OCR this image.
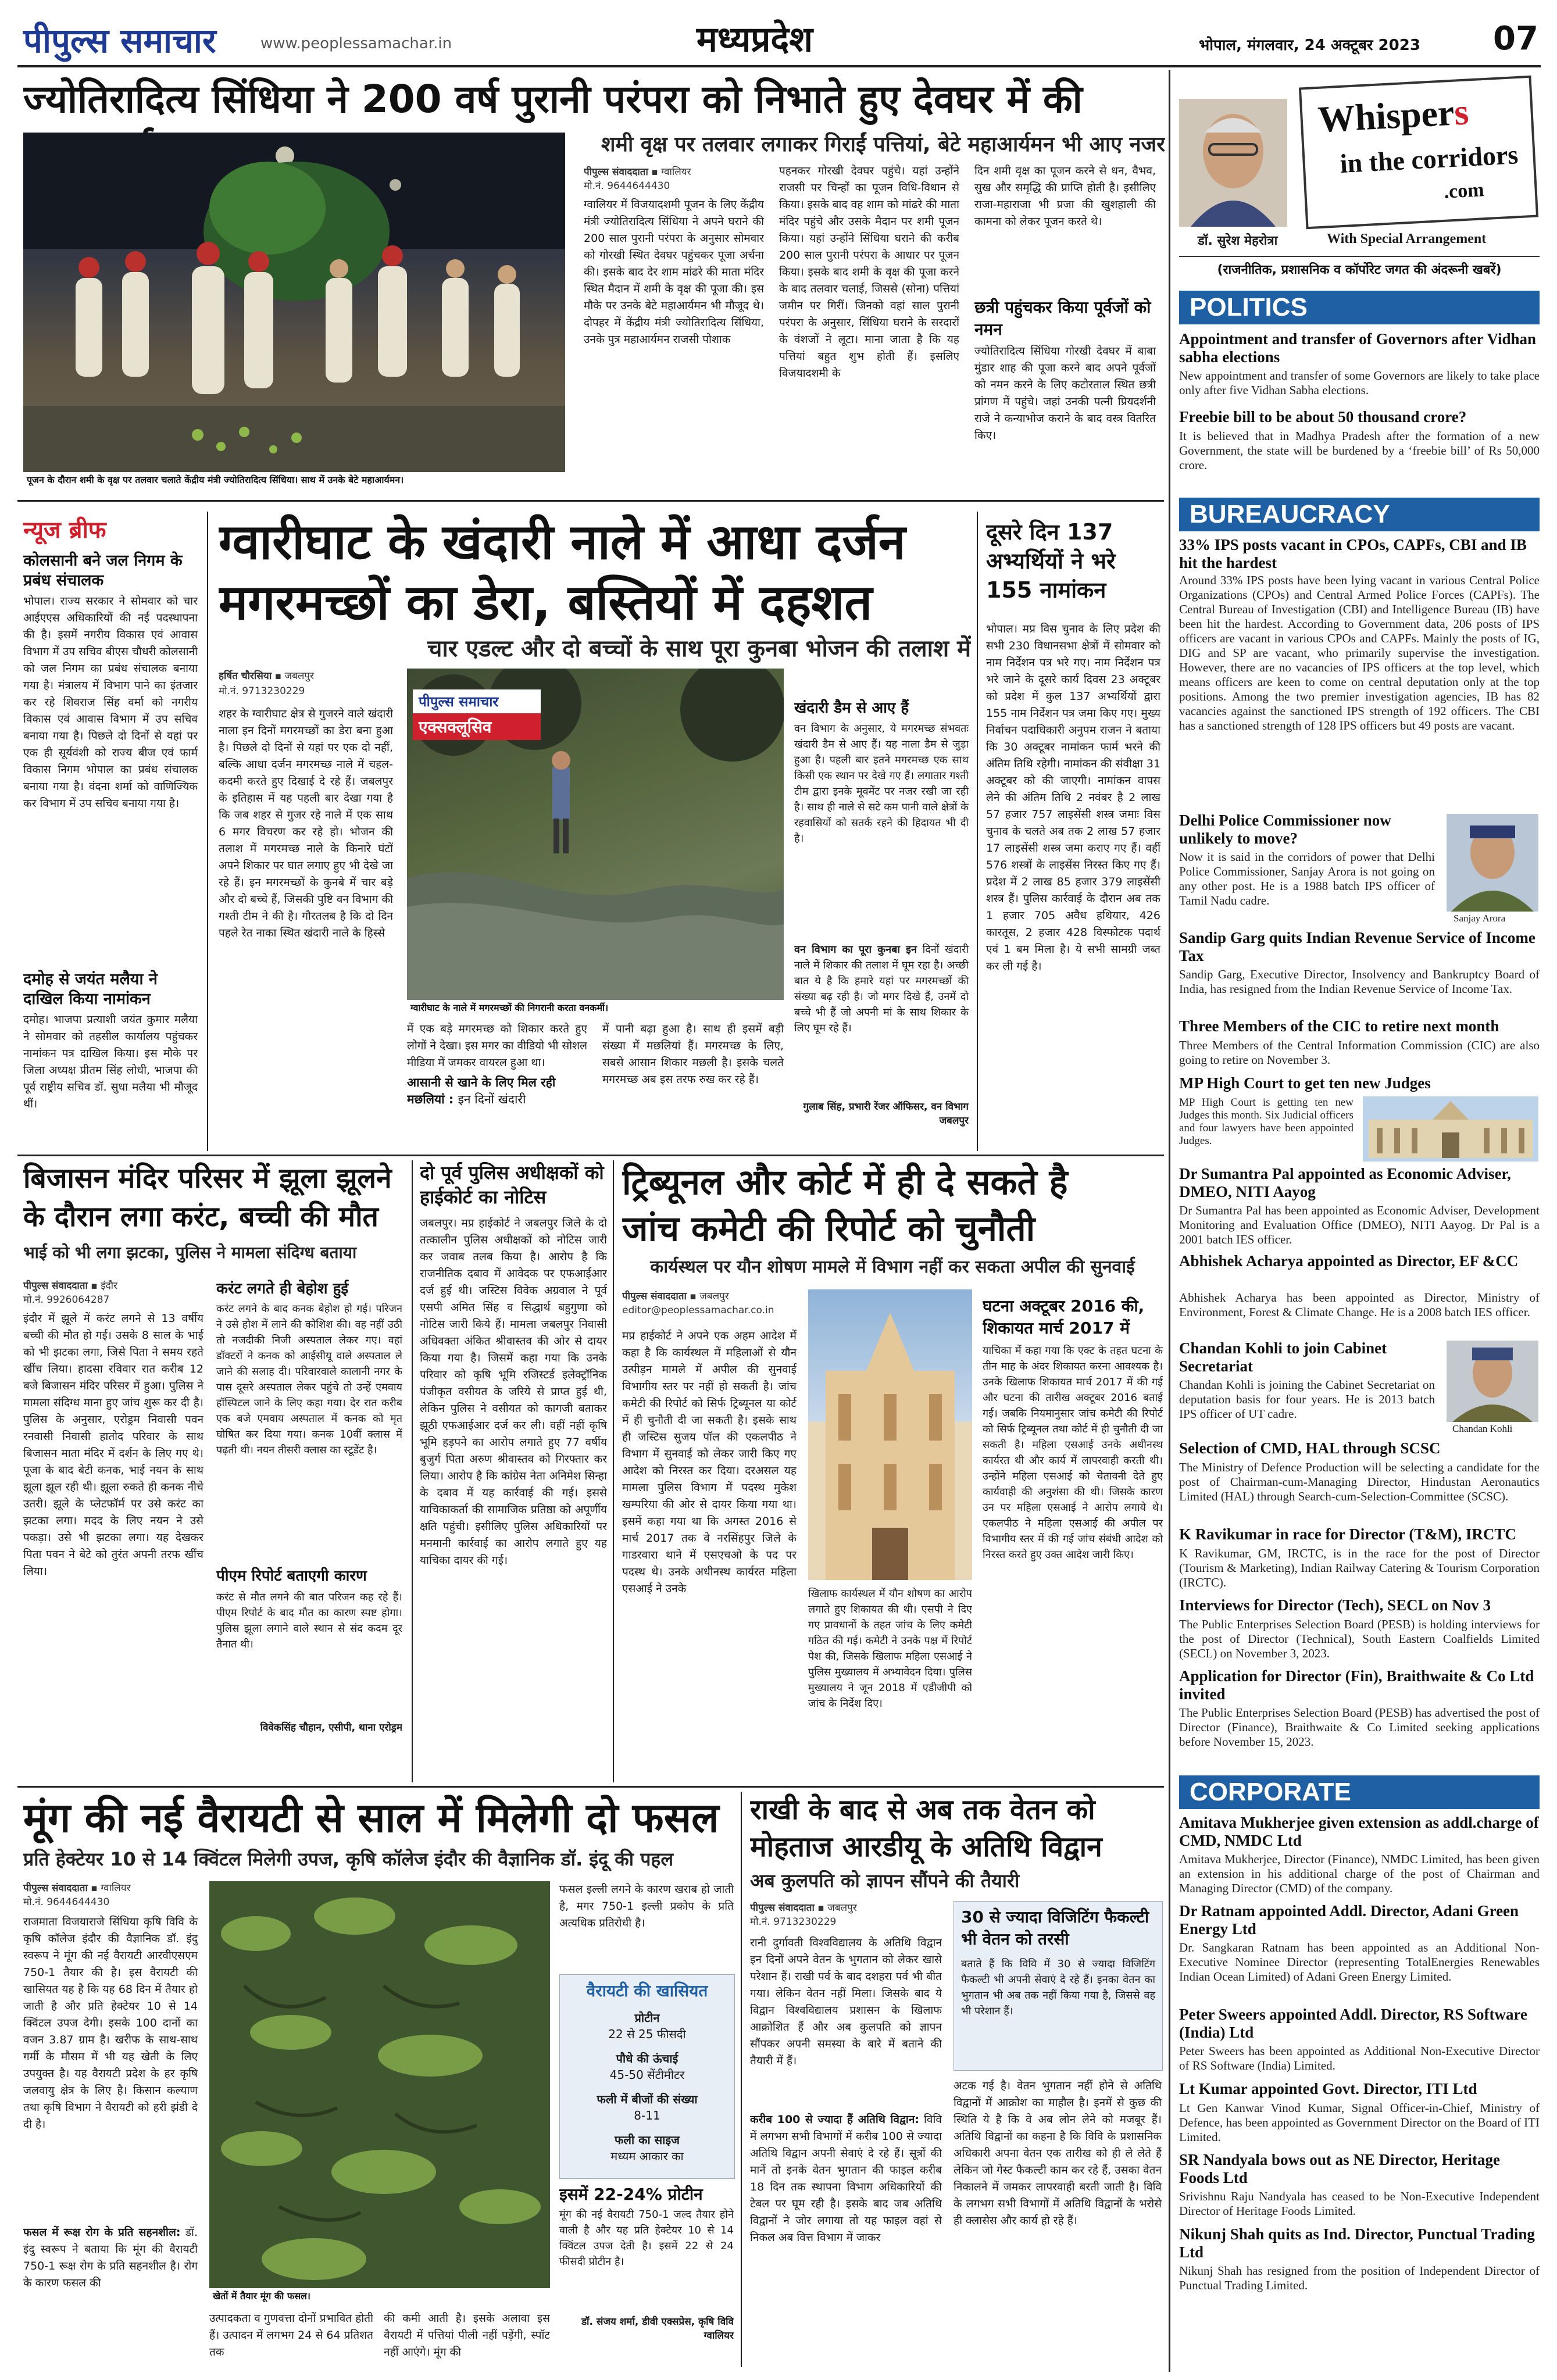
पीपुल्स समाचार	www.peoplessamachar.in	मध्यप्रदेश	भोपाल, मंगलवार, 24 अक्टूबर 2023 07
ज्योतिरादित्य सिंधिया ने 200 वर्ष पुरानी परंपरा को निभाते हुए देवघर में की
पूजन के दौरान शमी के वृक्ष पर तलवार चलाते केंद्रीय मंत्री ज्योतिरादित्य सिंधिया। साथ में उनके बेटे महाआर्यमन।
शमी वृक्ष पर तलवार लगाकर गिराईं पत्तियां, बेटे महाआर्यमन भी आए नजर
पीपुल्स संवाददाता ▪ ग्वालियर
मो.नं. 9644644430
ग्वालियर में विजयादशमी पूजन के लिए केंद्रीय मंत्री ज्योतिरादित्य सिंधिया ने अपने घराने की 200 साल पुरानी परंपरा के अनुसार सोमवार को गोरखी स्थित देवघर पहुंचकर पूजा अर्चना की। इसके बाद देर शाम मांढरे की माता मंदिर स्थित मैदान में शमी के वृक्ष की पूजा की। इस मौके पर उनके बेटे महाआर्यमन भी मौजूद थे। दोपहर में केंद्रीय मंत्री ज्योतिरादित्य सिंधिया, उनके पुत्र महाआर्यमन राजसी पोशाक
पहनकर गोरखी देवघर पहुंचे। यहां उन्होंने राजसी पर चिन्हों का पूजन विधि-विधान से किया। इसके बाद वह शाम को मांढरे की माता मंदिर पहुंचे और उसके मैदान पर शमी पूजन किया। यहां उन्होंने सिंधिया घराने की करीब 200 साल पुरानी परंपरा के आधार पर पूजन किया। इसके बाद शमी के वृक्ष की पूजा करने के बाद तलवार चलाई, जिससे (सोना) पत्तियां जमीन पर गिरीं। जिनको वहां साल पुरानी परंपरा के अनुसार, सिंधिया घराने के सरदारों के वंशजों ने लूटा। माना जाता है कि यह पत्तियां बहुत शुभ होती हैं। इसलिए विजयादशमी के
दिन शमी वृक्ष का पूजन करने से धन, वैभव, सुख और समृद्धि की प्राप्ति होती है। इसीलिए राजा-महाराजा भी प्रजा की खुशहाली की कामना को लेकर पूजन करते थे।
छत्री पहुंचकर किया पूर्वजों को नमन
ज्योतिरादित्य सिंधिया गोरखी देवघर में बाबा मुंडार शाह की पूजा करने बाद अपने पूर्वजों को नमन करने के लिए कटोरताल स्थित छत्री प्रांगण में पहुंचे। जहां उनकी पत्नी प्रियदर्शनी राजे ने कन्याभोज कराने के बाद वस्त्र वितरित किए।
Whispers
in the corridors
.com
डॉ. सुरेश मेहरोत्रा	With Special Arrangement
(राजनीतिक, प्रशासनिक व कॉर्पोरेट जगत की अंदरूनी खबरें)
POLITICS
Appointment and transfer of Governors after Vidhan sabha elections
New appointment and transfer of some Governors are likely to take place only after five Vidhan Sabha elections.
Freebie bill to be about 50 thousand crore?
It is believed that in Madhya Pradesh after the formation of a new Government, the state will be burdened by a ‘freebie bill’ of Rs 50,000 crore.
BUREAUCRACY
33% IPS posts vacant in CPOs, CAPFs, CBI and IB hit the hardest
Around 33% IPS posts have been lying vacant in various Central Police Organizations (CPOs) and Central Armed Police Forces (CAPFs). The Central Bureau of Investigation (CBI) and Intelligence Bureau (IB) have been hit the hardest. According to Government data, 206 posts of IPS officers are vacant in various CPOs and CAPFs. Mainly the posts of IG, DIG and SP are vacant, who primarily supervise the investigation. However, there are no vacancies of IPS officers at the top level, which means officers are keen to come on central deputation only at the top positions. Among the two premier investigation agencies, IB has 82 vacancies against the sanctioned IPS strength of 192 officers. The CBI has a sanctioned strength of 128 IPS officers but 49 posts are vacant.
Delhi Police Commissioner now unlikely to move?
Now it is said in the corridors of power that Delhi Police Commissioner, Sanjay Arora is not going on any other post. He is a 1988 batch IPS officer of Tamil Nadu cadre.
Sanjay Arora
Sandip Garg quits Indian Revenue Service of Income Tax
Sandip Garg, Executive Director, Insolvency and Bankruptcy Board of India, has resigned from the Indian Revenue Service of Income Tax.
Three Members of the CIC to retire next month
Three Members of the Central Information Commission (CIC) are also going to retire on November 3.
MP High Court to get ten new Judges
MP High Court is getting ten new Judges this month. Six Judicial officers and four lawyers have been appointed Judges.
Dr Sumantra Pal appointed as Economic Adviser, DMEO, NITI Aayog
Dr Sumantra Pal has been appointed as Economic Adviser, Development Monitoring and Evaluation Office (DMEO), NITI Aayog. Dr Pal is a 2001 batch IES officer.
Abhishek Acharya appointed as Director, EF &CC
Abhishek Acharya has been appointed as Director, Ministry of Environment, Forest & Climate Change. He is a 2008 batch IES officer.
Chandan Kohli to join Cabinet Secretariat
Chandan Kohli is joining the Cabinet Secretariat on deputation basis for four years. He is 2013 batch IPS officer of UT cadre.
Chandan Kohli
Selection of CMD, HAL through SCSC
The Ministry of Defence Production will be selecting a candidate for the post of Chairman-cum-Managing Director, Hindustan Aeronautics Limited (HAL) through Search-cum-Selection-Committee (SCSC).
K Ravikumar in race for Director (T&M), IRCTC
K Ravikumar, GM, IRCTC, is in the race for the post of Director (Tourism & Marketing), Indian Railway Catering & Tourism Corporation (IRCTC).
Interviews for Director (Tech), SECL on Nov 3
The Public Enterprises Selection Board (PESB) is holding interviews for the post of Director (Technical), South Eastern Coalfields Limited (SECL) on November 3, 2023.
Application for Director (Fin), Braithwaite & Co Ltd invited
The Public Enterprises Selection Board (PESB) has advertised the post of Director (Finance), Braithwaite & Co Limited seeking applications before November 15, 2023.
CORPORATE
Amitava Mukherjee given extension as addl.charge of CMD, NMDC Ltd
Amitava Mukherjee, Director (Finance), NMDC Limited, has been given an extension in his additional charge of the post of Chairman and Managing Director (CMD) of the company.
Dr Ratnam appointed Addl. Director, Adani Green Energy Ltd
Dr. Sangkaran Ratnam has been appointed as an Additional Non-Executive Nominee Director (representing TotalEnergies Renewables Indian Ocean Limited) of Adani Green Energy Limited.
Peter Sweers appointed Addl. Director, RS Software (India) Ltd
Peter Sweers has been appointed as Additional Non-Executive Director of RS Software (India) Limited.
Lt Kumar appointed Govt. Director, ITI Ltd
Lt Gen Kanwar Vinod Kumar, Signal Officer-in-Chief, Ministry of Defence, has been appointed as Government Director on the Board of ITI Limited.
SR Nandyala bows out as NE Director, Heritage Foods Ltd
Srivishnu Raju Nandyala has ceased to be Non-Executive Independent Director of Heritage Foods Limited.
Nikunj Shah quits as Ind. Director, Punctual Trading Ltd
Nikunj Shah has resigned from the position of Independent Director of Punctual Trading Limited.
न्यूज ब्रीफ
कोलसानी बने जल निगम के प्रबंध संचालक
भोपाल। राज्य सरकार ने सोमवार को चार आईएएस अधिकारियों की नई पदस्थापना की है। इसमें नगरीय विकास एवं आवास विभाग में उप सचिव बीएस चौधरी कोलसानी को जल निगम का प्रबंध संचालक बनाया गया है। मंत्रालय में विभाग पाने का इंतजार कर रहे शिवराज सिंह वर्मा को नगरीय विकास एवं आवास विभाग में उप सचिव बनाया गया है। पिछले दो दिनों से यहां पर एक ही सूर्यवंशी को राज्य बीज एवं फार्म विकास निगम भोपाल का प्रबंध संचालक बनाया गया है। वंदना शर्मा को वाणिज्यिक कर विभाग में उप सचिव बनाया गया है।
दमोह से जयंत मलैया ने दाखिल किया नामांकन
दमोह। भाजपा प्रत्याशी जयंत कुमार मलैया ने सोमवार को तहसील कार्यालय पहुंचकर नामांकन पत्र दाखिल किया। इस मौके पर जिला अध्यक्ष प्रीतम सिंह लोधी, भाजपा की पूर्व राष्ट्रीय सचिव डॉ. सुधा मलैया भी मौजूद थीं।
ग्वारीघाट के खंदारी नाले में आधा दर्जन
मगरमच्छों का डेरा, बस्तियों में दहशत
चार एडल्ट और दो बच्चों के साथ पूरा कुनबा भोजन की तलाश में
हर्षित चौरसिया ▪ जबलपुर
मो.नं. 9713230229
शहर के ग्वारीघाट क्षेत्र से गुजरने वाले खंदारी नाला इन दिनों मगरमच्छों का डेरा बना हुआ है। पिछले दो दिनों से यहां पर एक दो नहीं, बल्कि आधा दर्जन मगरमच्छ नाले में चहल-कदमी करते हुए दिखाई दे रहे हैं। जबलपुर के इतिहास में यह पहली बार देखा गया है कि जब शहर से गुजर रहे नाले में एक साथ 6 मगर विचरण कर रहे हो। भोजन की तलाश में मगरमच्छ नाले के किनारे घंटों अपने शिकार पर घात लगाए हुए भी देखे जा रहे हैं। इन मगरमच्छों के कुनबे में चार बड़े और दो बच्चे हैं, जिसकी पुष्टि वन विभाग की गश्ती टीम ने की है। गौरतलब है कि दो दिन पहले रेत नाका स्थित खंदारी नाले के हिस्से
पीपुल्स समाचार
एक्सक्लूसिव
ग्वारीघाट के नाले में मगरमच्छों की निगरानी करता वनकर्मी।
में एक बड़े मगरमच्छ को शिकार करते हुए लोगों ने देखा। इस मगर का वीडियो भी सोशल मीडिया में जमकर वायरल हुआ था।
आसानी से खाने के लिए मिल रही मछलियां : इन दिनों खंदारी
में पानी बढ़ा हुआ है। साथ ही इसमें बड़ी संख्या में मछलियां हैं। मगरमच्छ के लिए, सबसे आसान शिकार मछली है। इसके चलते मगरमच्छ अब इस तरफ रुख कर रहे हैं।
खंदारी डैम से आए हैं
वन विभाग के अनुसार, ये मगरमच्छ संभवतः खंदारी डैम से आए हैं। यह नाला डैम से जुड़ा हुआ है। पहली बार इतने मगरमच्छ एक साथ किसी एक स्थान पर देखे गए हैं। लगातार गश्ती टीम द्वारा इनके मूवमेंट पर नजर रखी जा रही है। साथ ही नाले से सटे कम पानी वाले क्षेत्रों के रहवासियों को सतर्क रहने की हिदायत भी दी है।
वन विभाग का पूरा कुनबा इन दिनों खंदारी नाले में शिकार की तलाश में घूम रहा है। अच्छी बात ये है कि हमारे यहां पर मगरमच्छों की संख्या बढ़ रही है। जो मगर दिखे हैं, उनमें दो बच्चे भी हैं जो अपनी मां के साथ शिकार के लिए घूम रहे हैं।
गुलाब सिंह, प्रभारी रेंजर ऑफिसर, वन विभाग जबलपुर
दूसरे दिन 137 अभ्यर्थियों ने भरे 155 नामांकन
भोपाल। मप्र विस चुनाव के लिए प्रदेश की सभी 230 विधानसभा क्षेत्रों में सोमवार को नाम निर्देशन पत्र भरे गए। नाम निर्देशन पत्र भरे जाने के दूसरे कार्य दिवस 23 अक्टूबर को प्रदेश में कुल 137 अभ्यर्थियों द्वारा 155 नाम निर्देशन पत्र जमा किए गए। मुख्य निर्वाचन पदाधिकारी अनुपम राजन ने बताया कि 30 अक्टूबर नामांकन फार्म भरने की अंतिम तिथि रहेगी। नामांकन की संवीक्षा 31 अक्टूबर को की जाएगी। नामांकन वापस लेने की अंतिम तिथि 2 नवंबर है 2 लाख 57 हजार 757 लाइसेंसी शस्त्र जमाः विस चुनाव के चलते अब तक 2 लाख 57 हजार 17 लाइसेंसी शस्त्र जमा कराए गए हैं। वहीं 576 शस्त्रों के लाइसेंस निरस्त किए गए हैं। प्रदेश में 2 लाख 85 हजार 379 लाइसेंसी शस्त्र हैं। पुलिस कार्रवाई के दौरान अब तक 1 हजार 705 अवैध हथियार, 426 कारतूस, 2 हजार 428 विस्फोटक पदार्थ एवं 1 बम मिला है। ये सभी सामग्री जब्त कर ली गई है।
बिजासन मंदिर परिसर में झूला झूलने
के दौरान लगा करंट, बच्ची की मौत
भाई को भी लगा झटका, पुलिस ने मामला संदिग्ध बताया
पीपुल्स संवाददाता ▪ इंदौर
मो.नं. 9926064287
इंदौर में झूले में करंट लगने से 13 वर्षीय बच्ची की मौत हो गई। उसके 8 साल के भाई को भी झटका लगा, जिसे पिता ने समय रहते खींच लिया। हादसा रविवार रात करीब 12 बजे बिजासन मंदिर परिसर में हुआ। पुलिस ने मामला संदिग्ध माना हुए जांच शुरू कर दी है। पुलिस के अनुसार, एरोड्रम निवासी पवन रनवासी निवासी हातोद परिवार के साथ बिजासन माता मंदिर में दर्शन के लिए गए थे। पूजा के बाद बेटी कनक, भाई नयन के साथ झूला झूल रही थी। झूला रुकते ही कनक नीचे उतरी। झूले के प्लेटफॉर्म पर उसे करंट का झटका लगा। मदद के लिए नयन ने उसे पकड़ा। उसे भी झटका लगा। यह देखकर पिता पवन ने बेटे को तुरंत अपनी तरफ खींच लिया।
करंट लगते ही बेहोश हुई
करंट लगने के बाद कनक बेहोश हो गई। परिजन ने उसे होश में लाने की कोशिश की। वह नहीं उठी तो नजदीकी निजी अस्पताल लेकर गए। वहां डॉक्टरों ने कनक को आईसीयू वाले अस्पताल ले जाने की सलाह दी। परिवारवाले कालानी नगर के पास दूसरे अस्पताल लेकर पहुंचे तो उन्हें एमवाय हॉस्पिटल जाने के लिए कहा गया। देर रात करीब एक बजे एमवाय अस्पताल में कनक को मृत घोषित कर दिया गया। कनक 10वीं क्लास में पढ़ती थी। नयन तीसरी क्लास का स्टूडेंट है।
पीएम रिपोर्ट बताएगी कारण
करंट से मौत लगने की बात परिजन कह रहे हैं। पीएम रिपोर्ट के बाद मौत का कारण स्पष्ट होगा। पुलिस झूला लगाने वाले स्थान से संद कदम दूर तैनात थी।
विवेकसिंह चौहान, एसीपी, थाना एरोड्रम
दो पूर्व पुलिस अधीक्षकों को हाईकोर्ट का नोटिस
जबलपुर। मप्र हाईकोर्ट ने जबलपुर जिले के दो तत्कालीन पुलिस अधीक्षकों को नोटिस जारी कर जवाब तलब किया है। आरोप है कि राजनीतिक दबाव में आवेदक पर एफआईआर दर्ज हुई थी। जस्टिस विवेक अग्रवाल ने पूर्व एसपी अमित सिंह व सिद्धार्थ बहुगुणा को नोटिस जारी किये हैं। मामला जबलपुर निवासी अधिवक्ता अंकित श्रीवास्तव की ओर से दायर किया गया है। जिसमें कहा गया कि उनके परिवार को कृषि भूमि रजिस्टर्ड इलेक्ट्रॉनिक पंजीकृत वसीयत के जरिये से प्राप्त हुई थी, लेकिन पुलिस ने वसीयत को कागजी बताकर झूठी एफआईआर दर्ज कर ली। वहीं नहीं कृषि भूमि हड़पने का आरोप लगाते हुए 77 वर्षीय बुजुर्ग पिता अरुण श्रीवास्तव को गिरफ्तार कर लिया। आरोप है कि कांग्रेस नेता अनिमेश सिन्हा के दबाव में यह कार्रवाई की गई। इससे याचिकाकर्ता की सामाजिक प्रतिष्ठा को अपूर्णीय क्षति पहुंची। इसीलिए पुलिस अधिकारियों पर मनमानी कार्रवाई का आरोप लगाते हुए यह याचिका दायर की गई।
ट्रिब्यूनल और कोर्ट में ही दे सकते है
जांच कमेटी की रिपोर्ट को चुनौती
कार्यस्थल पर यौन शोषण मामले में विभाग नहीं कर सकता अपील की सुनवाई
पीपुल्स संवाददाता ▪ जबलपुर
editor@peoplessamachar.co.in
मप्र हाईकोर्ट ने अपने एक अहम आदेश में कहा है कि कार्यस्थल में महिलाओं से यौन उत्पीड़न मामले में अपील की सुनवाई विभागीय स्तर पर नहीं हो सकती है। जांच कमेटी की रिपोर्ट को सिर्फ ट्रिब्यूनल या कोर्ट में ही चुनौती दी जा सकती है। इसके साथ ही जस्टिस सुजय पॉल की एकलपीठ ने विभाग में सुनवाई को लेकर जारी किए गए आदेश को निरस्त कर दिया। दरअसल यह मामला पुलिस विभाग में पदस्थ मुकेश खम्परिया की ओर से दायर किया गया था। इसमें कहा गया था कि अगस्त 2016 से मार्च 2017 तक वे नरसिंहपुर जिले के गाडरवारा थाने में एसएचओ के पद पर पदस्थ थे। उनके अधीनस्थ कार्यरत महिला एसआई ने उनके	खिलाफ कार्यस्थल में यौन शोषण का आरोप लगाते हुए शिकायत की थी। एसपी ने दिए गए प्रावधानों के तहत जांच के लिए कमेटी गठित की गई। कमेटी ने उनके पक्ष में रिपोर्ट पेश की, जिसके खिलाफ महिला एसआई ने पुलिस मुख्यालय में अभ्यावेदन दिया। पुलिस मुख्यालय ने जून 2018 में एडीजीपी को जांच के निर्देश दिए।
घटना अक्टूबर 2016 की, शिकायत मार्च 2017 में
याचिका में कहा गया कि एक्ट के तहत घटना के तीन माह के अंदर शिकायत करना आवश्यक है। उनके खिलाफ शिकायत मार्च 2017 में की गई और घटना की तारीख अक्टूबर 2016 बताई गई। जबकि नियमानुसार जांच कमेटी की रिपोर्ट को सिर्फ ट्रिब्यूनल तथा कोर्ट में ही चुनौती दी जा सकती है। महिला एसआई उनके अधीनस्थ कार्यरत थी और कार्य में लापरवाही करती थी। उन्होंने महिला एसआई को चेतावनी देते हुए कार्यवाही की अनुशंसा की थी। जिसके कारण उन पर महिला एसआई ने आरोप लगाये थे। एकलपीठ ने महिला एसआई की अपील पर विभागीय स्तर में की गई जांच संबंधी आदेश को निरस्त करते हुए उक्त आदेश जारी किए।
मूंग की नई वैरायटी से साल में मिलेगी दो फसल
प्रति हेक्टेयर 10 से 14 क्विंटल मिलेगी उपज, कृषि कॉलेज इंदौर की वैज्ञानिक डॉ. इंदू की पहल
पीपुल्स संवाददाता ▪ ग्वालियर
मो.नं. 9644644430
राजमाता विजयाराजे सिंधिया कृषि विवि के कृषि कॉलेज इंदौर की वैज्ञानिक डॉ. इंदु स्वरूप ने मूंग की नई वैरायटी आरवीएसएम 750-1 तैयार की है। इस वैरायटी की खासियत यह है कि यह 68 दिन में तैयार हो जाती है और प्रति हेक्टेयर 10 से 14 क्विंटल उपज देगी। इसके 100 दानों का वजन 3.87 ग्राम है। खरीफ के साथ-साथ गर्मी के मौसम में भी यह खेती के लिए उपयुक्त है। यह वैरायटी प्रदेश के हर कृषि जलवायु क्षेत्र के लिए है। किसान कल्याण तथा कृषि विभाग ने वैरायटी को हरी झंडी दे दी है।
फसल में रूक्ष रोग के प्रति सहनशील: डॉ. इंदु स्वरूप ने बताया कि मूंग की वैरायटी 750-1 रूक्ष रोग के प्रति सहनशील है। रोग के कारण फसल की
खेतों में तैयार मूंग की फसल।
उत्पादकता व गुणवत्ता दोनों प्रभावित होती हैं। उत्पादन में लगभग 24 से 64 प्रतिशत तक
की कमी आती है। इसके अलावा इस वैरायटी में पत्तियां पीली नहीं पड़ेंगी, स्पॉट नहीं आएंगे। मूंग की
फसल इल्ली लगने के कारण खराब हो जाती है, मगर 750-1 इल्ली प्रकोप के प्रति अत्यधिक प्रतिरोधी है।
वैरायटी की खासियत
प्रोटीन
22 से 25 फीसदी
पौधे की ऊंचाई
45-50 सेंटीमीटर
फली में बीजों की संख्या
8-11
फली का साइज
मध्यम आकार का
इसमें 22-24% प्रोटीन
मूंग की नई वैरायटी 750-1 जल्द तैयार होने वाली है और यह प्रति हेक्टेयर 10 से 14 क्विंटल उपज देती है। इसमें 22 से 24 फीसदी प्रोटीन है।
डॉ. संजय शर्मा, डीवी एक्सप्रेस, कृषि विवि ग्वालियर
राखी के बाद से अब तक वेतन को
मोहताज आरडीयू के अतिथि विद्वान
अब कुलपति को ज्ञापन सौंपने की तैयारी
पीपुल्स संवाददाता ▪ जबलपुर
मो.नं. 9713230229
रानी दुर्गावती विश्वविद्यालय के अतिथि विद्वान इन दिनों अपने वेतन के भुगतान को लेकर खासे परेशान हैं। राखी पर्व के बाद दशहरा पर्व भी बीत गया। लेकिन वेतन नहीं मिला। जिसके बाद ये विद्वान विश्वविद्यालय प्रशासन के खिलाफ आक्रोशित हैं और अब कुलपति को ज्ञापन सौंपकर अपनी समस्या के बारे में बताने की तैयारी में हैं।
करीब 100 से ज्यादा हैं अतिथि विद्वान: विवि में लगभग सभी विभागों में करीब 100 से ज्यादा अतिथि विद्वान अपनी सेवाएं दे रहे हैं। सूत्रों की मानें तो इनके वेतन भुगतान की फाइल करीब 18 दिन तक स्थापना विभाग अधिकारियों की टेबल पर घूम रही है। इसके बाद जब अतिथि विद्वानों ने जोर लगाया तो यह फाइल वहां से निकल अब वित्त विभाग में जाकर
30 से ज्यादा विजिटिंग फैकल्टी भी वेतन को तरसी
बताते हैं कि विवि में 30 से ज्यादा विजिटिंग फैकल्टी भी अपनी सेवाएं दे रहे हैं। इनका वेतन का भुगतान भी अब तक नहीं किया गया है, जिससे वह भी परेशान हैं।
अटक गई है। वेतन भुगतान नहीं होने से अतिथि विद्वानों में आक्रोश का माहौल है। इनमें से कुछ की स्थिति ये है कि वे अब लोन लेने को मजबूर हैं। अतिथि विद्वानों का कहना है कि विवि के प्रशासनिक अधिकारी अपना वेतन एक तारीख को ही ले लेते हैं लेकिन जो गेस्ट फैकल्टी काम कर रहे हैं, उसका वेतन निकालने में जमकर लापरवाही बरती जाती है। विवि के लगभग सभी विभागों में अतिथि विद्वानों के भरोसे ही क्लासेस और कार्य हो रहे हैं।
